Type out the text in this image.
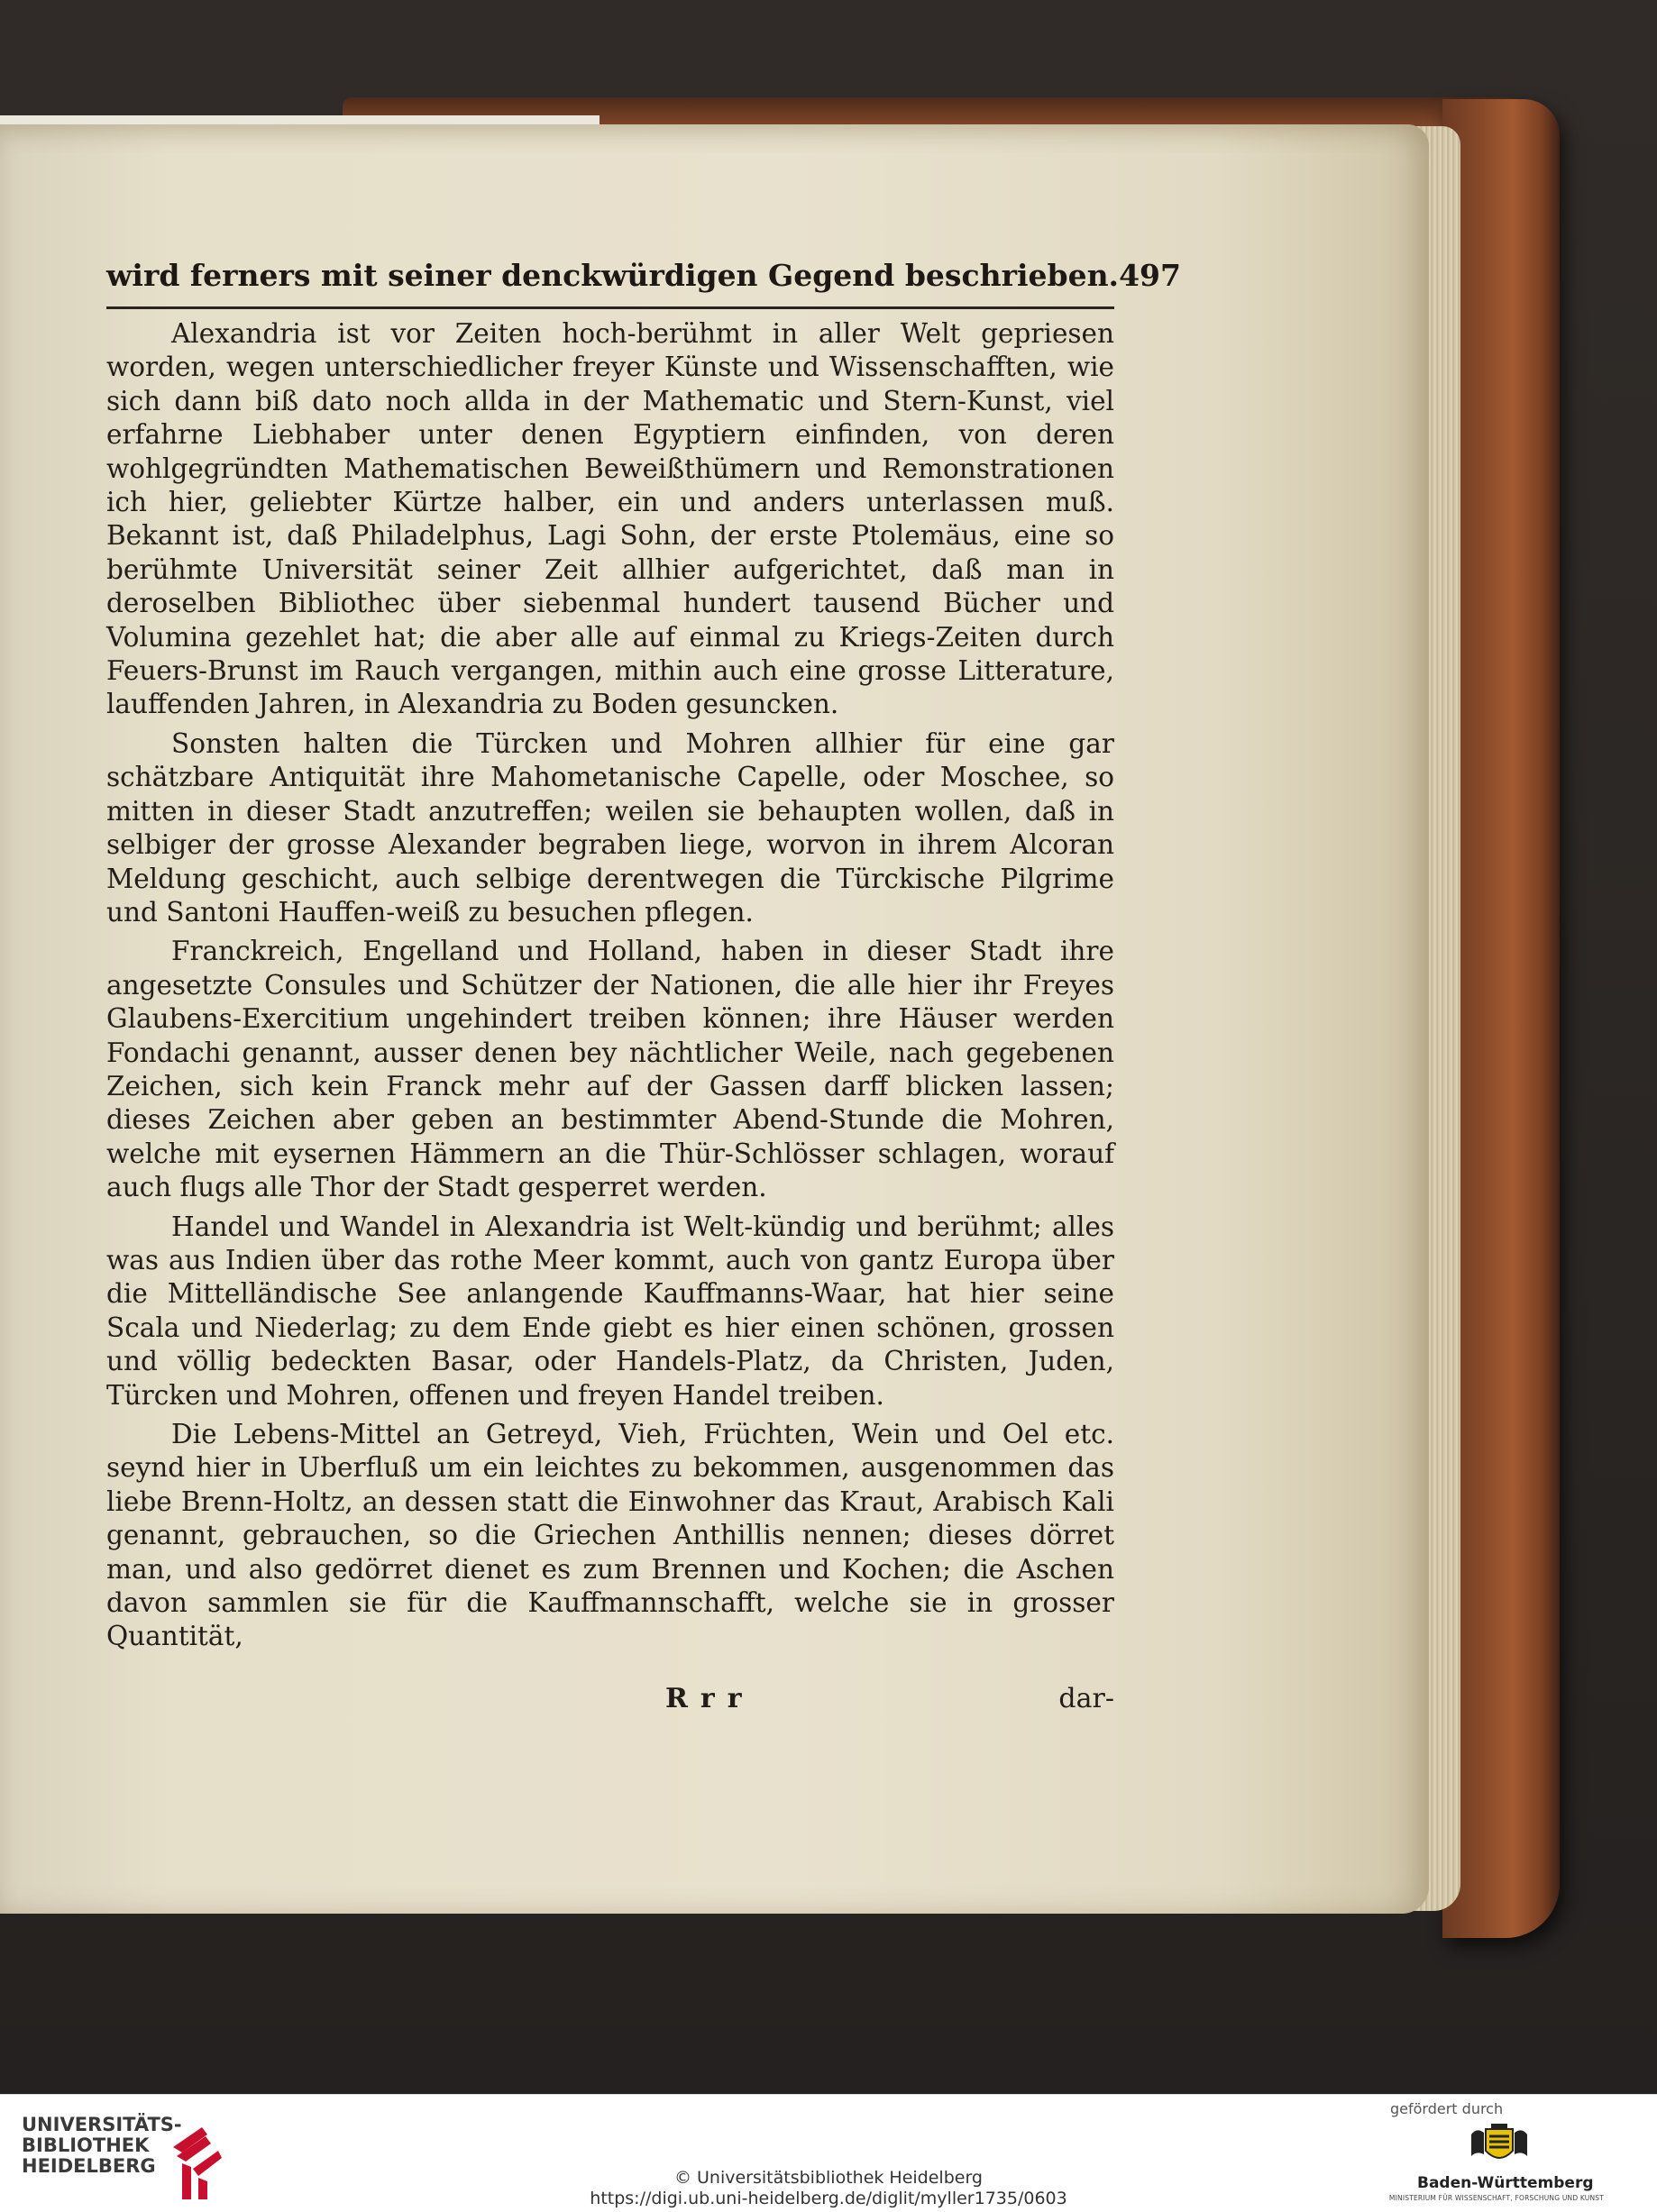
wird ferners mit seiner denckwürdigen Gegend beschrieben. 497

Alexandria ist vor Zeiten hoch-berühmt in aller Welt gepriesen worden, wegen unterschiedlicher freyer Künste und Wissenschafften, wie sich dann biß dato noch allda in der Mathematic und Stern-Kunst, viel erfahrne Liebhaber unter denen Egyptiern einfinden, von deren wohlgegründten Mathematischen Beweißthümern und Remonstrationen ich hier, geliebter Kürtze halber, ein und anders unterlassen muß. Bekannt ist, daß Philadelphus, Lagi Sohn, der erste Ptolemäus, eine so berühmte Universität seiner Zeit allhier aufgerichtet, daß man in deroselben Bibliothec über siebenmal hundert tausend Bücher und Volumina gezehlet hat; die aber alle auf einmal zu Kriegs-Zeiten durch Feuers-Brunst im Rauch vergangen, mithin auch eine grosse Litterature, lauffenden Jahren, in Alexandria zu Boden gesuncken.

Sonsten halten die Türcken und Mohren allhier für eine gar schätzbare Antiquität ihre Mahometanische Capelle, oder Moschee, so mitten in dieser Stadt anzutreffen; weilen sie behaupten wollen, daß in selbiger der grosse Alexander begraben liege, worvon in ihrem Alcoran Meldung geschicht, auch selbige derentwegen die Türckische Pilgrime und Santoni Hauffen-weiß zu besuchen pflegen.

Franckreich, Engelland und Holland, haben in dieser Stadt ihre angesetzte Consules und Schützer der Nationen, die alle hier ihr Freyes Glaubens-Exercitium ungehindert treiben können; ihre Häuser werden Fondachi genannt, ausser denen bey nächtlicher Weile, nach gegebenen Zeichen, sich kein Franck mehr auf der Gassen darff blicken lassen; dieses Zeichen aber geben an bestimmter Abend-Stunde die Mohren, welche mit eysernen Hämmern an die Thür-Schlösser schlagen, worauf auch flugs alle Thor der Stadt gesperret werden.

Handel und Wandel in Alexandria ist Welt-kündig und berühmt; alles was aus Indien über das rothe Meer kommt, auch von gantz Europa über die Mittelländische See anlangende Kauffmanns-Waar, hat hier seine Scala und Niederlag; zu dem Ende giebt es hier einen schönen, grossen und völlig bedeckten Basar, oder Handels-Platz, da Christen, Juden, Türcken und Mohren, offenen und freyen Handel treiben.

Die Lebens-Mittel an Getreyd, Vieh, Früchten, Wein und Oel etc. seynd hier in Uberfluß um ein leichtes zu bekommen, ausgenommen das liebe Brenn-Holtz, an dessen statt die Einwohner das Kraut, Arabisch Kali genannt, gebrauchen, so die Griechen Anthillis nennen; dieses dörret man, und also gedörret dienet es zum Brennen und Kochen; die Aschen davon sammlen sie für die Kauffmannschafft, welche sie in grosser Quantität,

Rrr	dar-
UNIVERSITÄTS-
BIBLIOTHEK
HEIDELBERG
© Universitätsbibliothek Heidelberg
https://digi.ub.uni-heidelberg.de/diglit/myller1735/0603
gefördert durch
Baden-Württemberg
MINISTERIUM FÜR WISSENSCHAFT, FORSCHUNG UND KUNST
